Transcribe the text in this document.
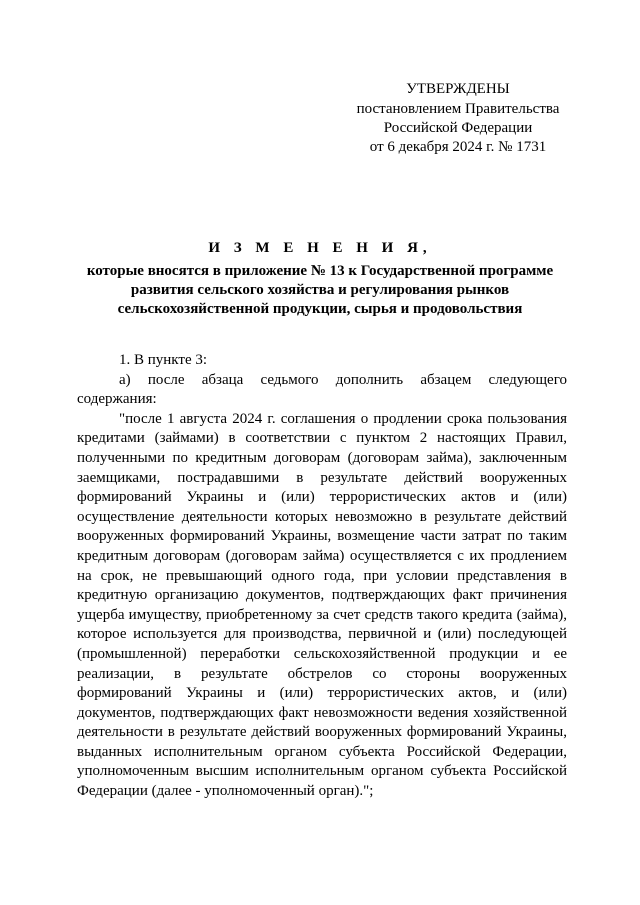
УТВЕРЖДЕНЫ
постановлением Правительства
Российской Федерации
от 6 декабря 2024 г. № 1731
И З М Е Н Е Н И Я,
которые вносятся в приложение № 13 к Государственной программе
развития сельского хозяйства и регулирования рынков
сельскохозяйственной продукции, сырья и продовольствия

1. В пункте 3:

а) после абзаца седьмого дополнить абзацем следующего содержания:

"после 1 августа 2024 г. соглашения о продлении срока пользования кредитами (займами) в соответствии с пунктом 2 настоящих Правил, полученными по кредитным договорам (договорам займа), заключенным заемщиками, пострадавшими в результате действий вооруженных формирований Украины и (или) террористических актов и (или) осуществление деятельности которых невозможно в результате действий вооруженных формирований Украины, возмещение части затрат по таким кредитным договорам (договорам займа) осуществляется с их продлением на срок, не превышающий одного года, при условии представления в кредитную организацию документов, подтверждающих факт причинения ущерба имуществу, приобретенному за счет средств такого кредита (займа), которое используется для производства, первичной и (или) последующей (промышленной) переработки сельскохозяйственной продукции и ее реализации, в результате обстрелов со стороны вооруженных формирований Украины и (или) террористических актов, и (или) документов, подтверждающих факт невозможности ведения хозяйственной деятельности в результате действий вооруженных формирований Украины, выданных исполнительным органом субъекта Российской Федерации, уполномоченным высшим исполнительным органом субъекта Российской Федерации (далее - уполномоченный орган).";
